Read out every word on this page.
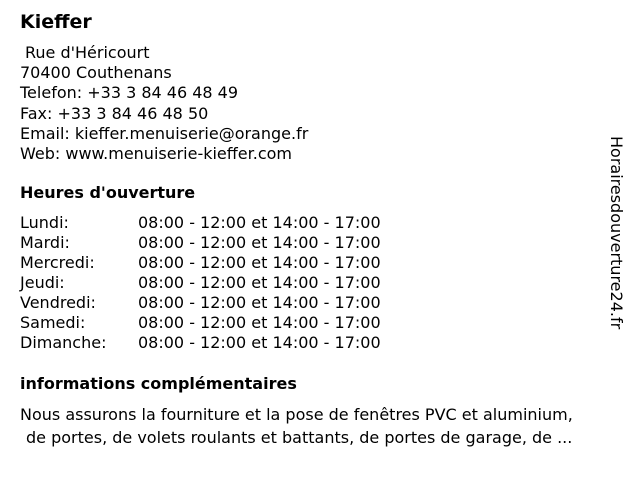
Kieffer
Rue d'Héricourt
70400 Couthenans
Telefon: +33 3 84 46 48 49
Fax: +33 3 84 46 48 50
Email: kieffer.menuiserie@orange.fr
Web: www.menuiserie-kieffer.com
Heures d'ouverture
Lundi:	08:00 - 12:00 et 14:00 - 17:00
Mardi:	08:00 - 12:00 et 14:00 - 17:00
Mercredi:	08:00 - 12:00 et 14:00 - 17:00
Jeudi:	08:00 - 12:00 et 14:00 - 17:00
Vendredi:	08:00 - 12:00 et 14:00 - 17:00
Samedi:	08:00 - 12:00 et 14:00 - 17:00
Dimanche: 08:00 - 12:00 et 14:00 - 17:00
informations complémentaires
Nous assurons la fourniture et la pose de fenêtres PVC et aluminium,
de portes, de volets roulants et battants, de portes de garage, de ...
Horairesdouverture24.fr
